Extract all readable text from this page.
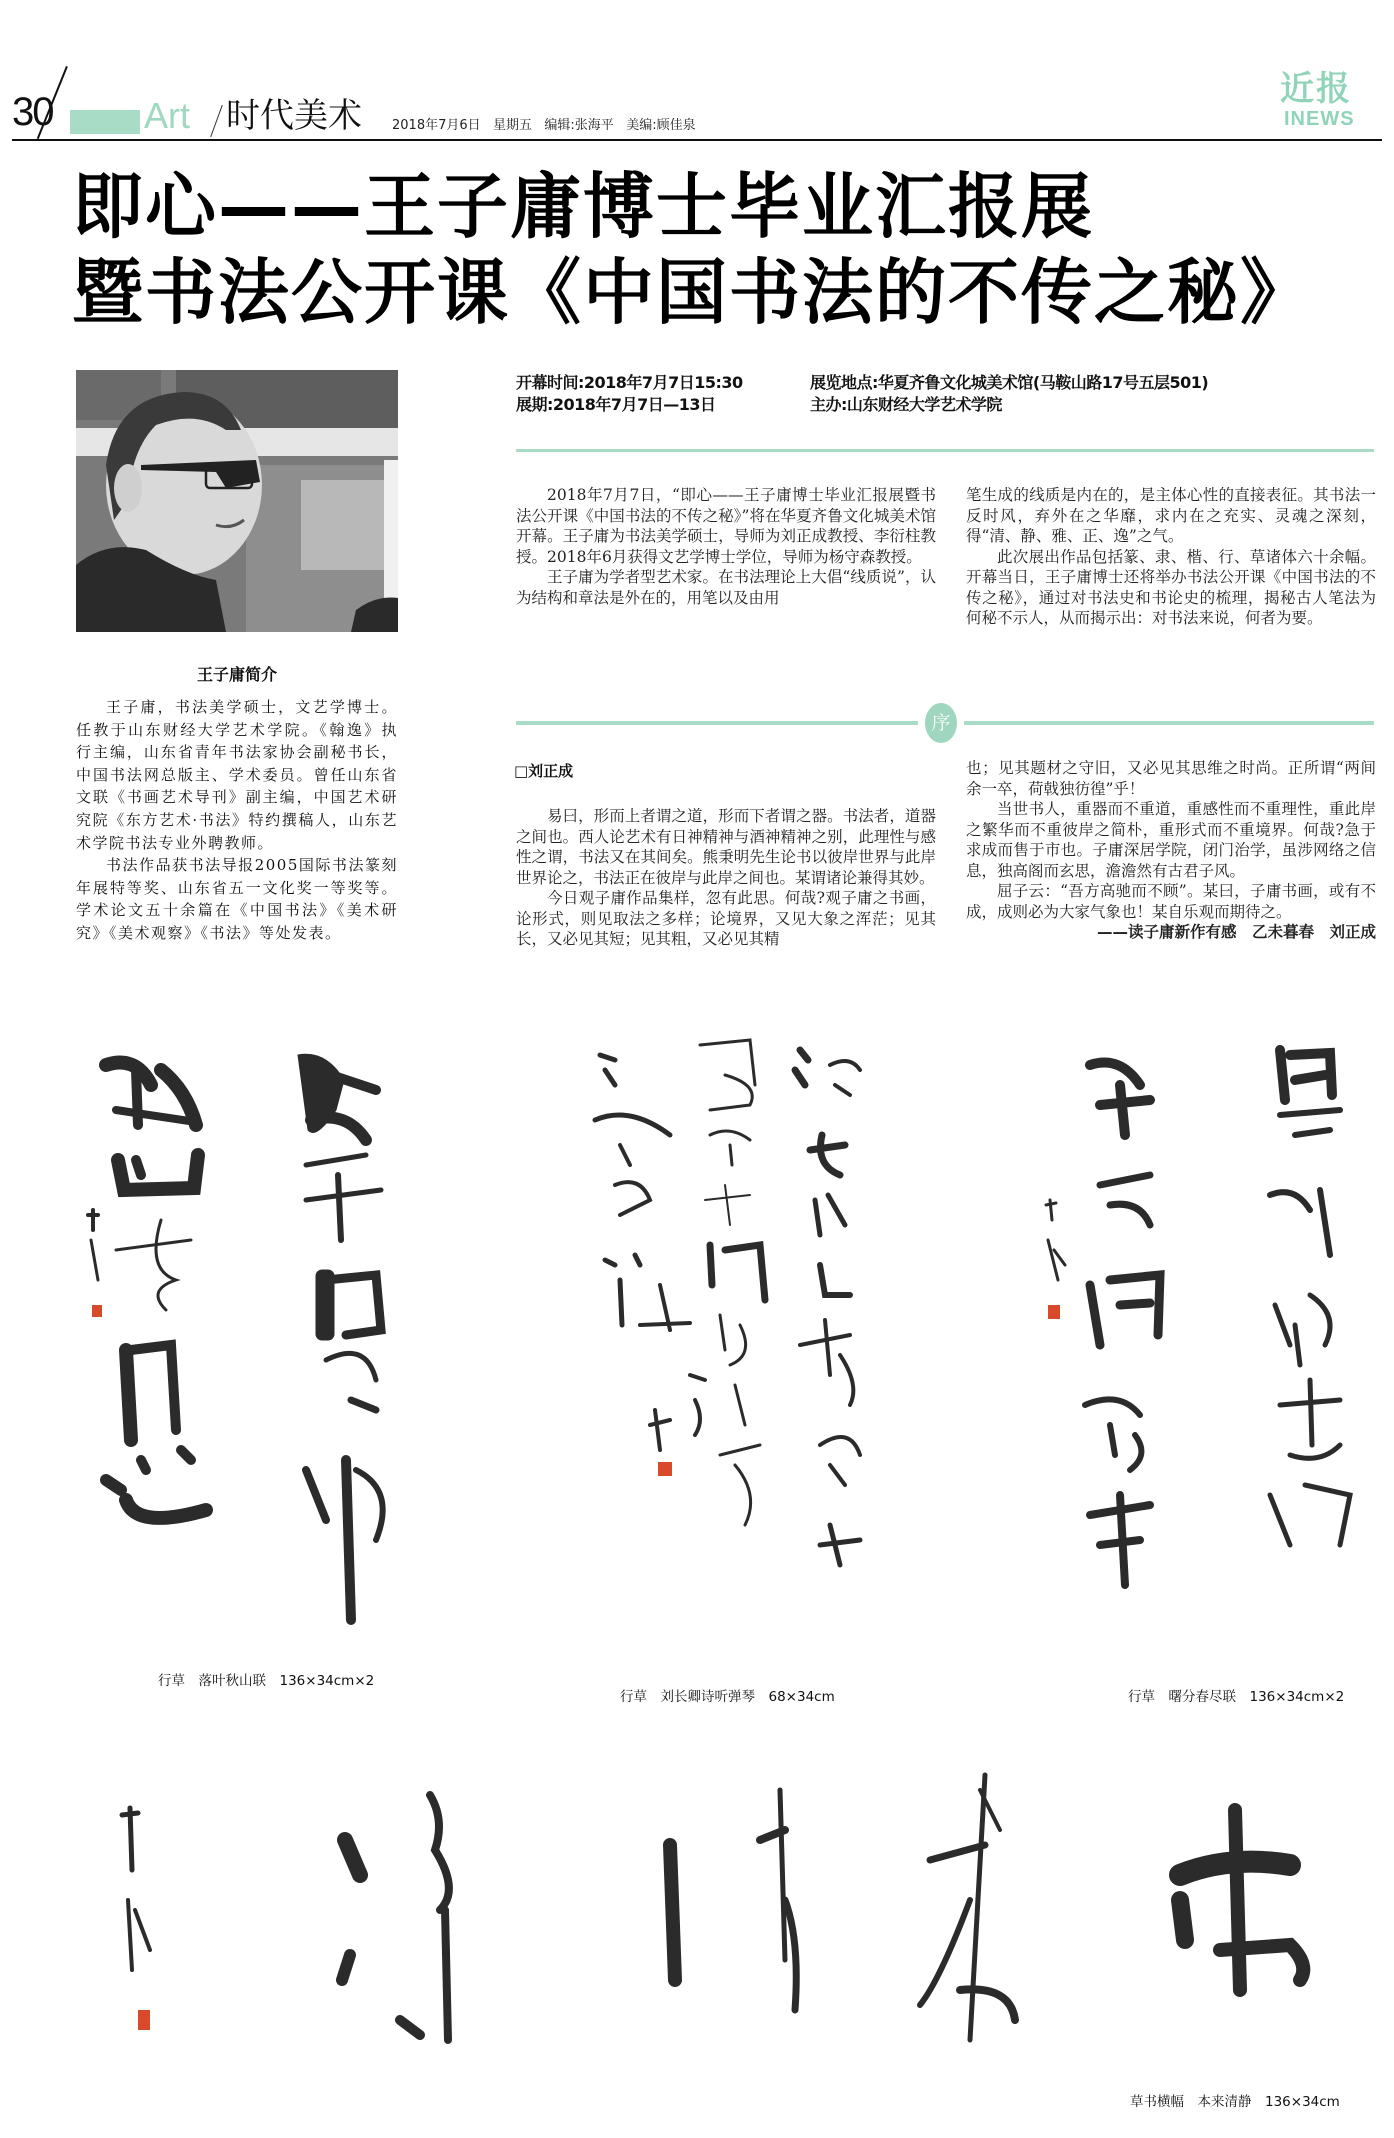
30	Art 时代美术 2018年7月6日   星期五   编辑:张海平   美编:顾佳泉
近报
INEWS
即心——王子庸博士毕业汇报展
暨书法公开课《中国书法的不传之秘》
开幕时间:2018年7月7日15:30
展期:2018年7月7日—13日
展览地点:华夏齐鲁文化城美术馆(马鞍山路17号五层501)
主办:山东财经大学艺术学院
王子庸简介

王子庸，书法美学硕士，文艺学博士。任教于山东财经大学艺术学院。《翰逸》执行主编，山东省青年书法家协会副秘书长，中国书法网总版主、学术委员。曾任山东省文联《书画艺术导刊》副主编，中国艺术研究院《东方艺术·书法》特约撰稿人，山东艺术学院书法专业外聘教师。

书法作品获书法导报2005国际书法篆刻年展特等奖、山东省五一文化奖一等奖等。学术论文五十余篇在《中国书法》《美术研究》《美术观察》《书法》等处发表。

2018年7月7日，“即心——王子庸博士毕业汇报展暨书法公开课《中国书法的不传之秘》”将在华夏齐鲁文化城美术馆开幕。王子庸为书法美学硕士，导师为刘正成教授、李衍柱教授。2018年6月获得文艺学博士学位，导师为杨守森教授。

王子庸为学者型艺术家。在书法理论上大倡“线质说”，认为结构和章法是外在的，用笔以及由用

笔生成的线质是内在的，是主体心性的直接表征。其书法一反时风，弃外在之华靡，求内在之充实、灵魂之深刻，得“清、静、雅、正、逸”之气。

此次展出作品包括篆、隶、楷、行、草诸体六十余幅。开幕当日，王子庸博士还将举办书法公开课《中国书法的不传之秘》，通过对书法史和书论史的梳理，揭秘古人笔法为何秘不示人，从而揭示出：对书法来说，何者为要。

序
□刘正成

易曰，形而上者谓之道，形而下者谓之器。书法者，道器之间也。西人论艺术有日神精神与酒神精神之别，此理性与感性之谓，书法又在其间矣。熊秉明先生论书以彼岸世界与此岸世界论之，书法正在彼岸与此岸之间也。某谓诸论兼得其妙。

今日观子庸作品集样，忽有此思。何哉?观子庸之书画，论形式，则见取法之多样；论境界，又见大象之浑茫；见其长，又必见其短；见其粗，又必见其精

也；见其题材之守旧，又必见其思维之时尚。正所谓“两间余一卒，荷戟独彷徨”乎！

当世书人，重器而不重道，重感性而不重理性，重此岸之繁华而不重彼岸之简朴，重形式而不重境界。何哉?急于求成而售于市也。子庸深居学院，闭门治学，虽涉网络之信息，独高阁而玄思，澹澹然有古君子风。

屈子云：“吾方高驰而不顾”。某曰，子庸书画，或有不成，成则必为大家气象也！某自乐观而期待之。

——读子庸新作有感　乙未暮春　刘正成

行草　落叶秋山联　136×34cm×2
行草　刘长卿诗听弹琴　68×34cm	行草　曙分春尽联　136×34cm×2
草书横幅　本来清静　136×34cm
